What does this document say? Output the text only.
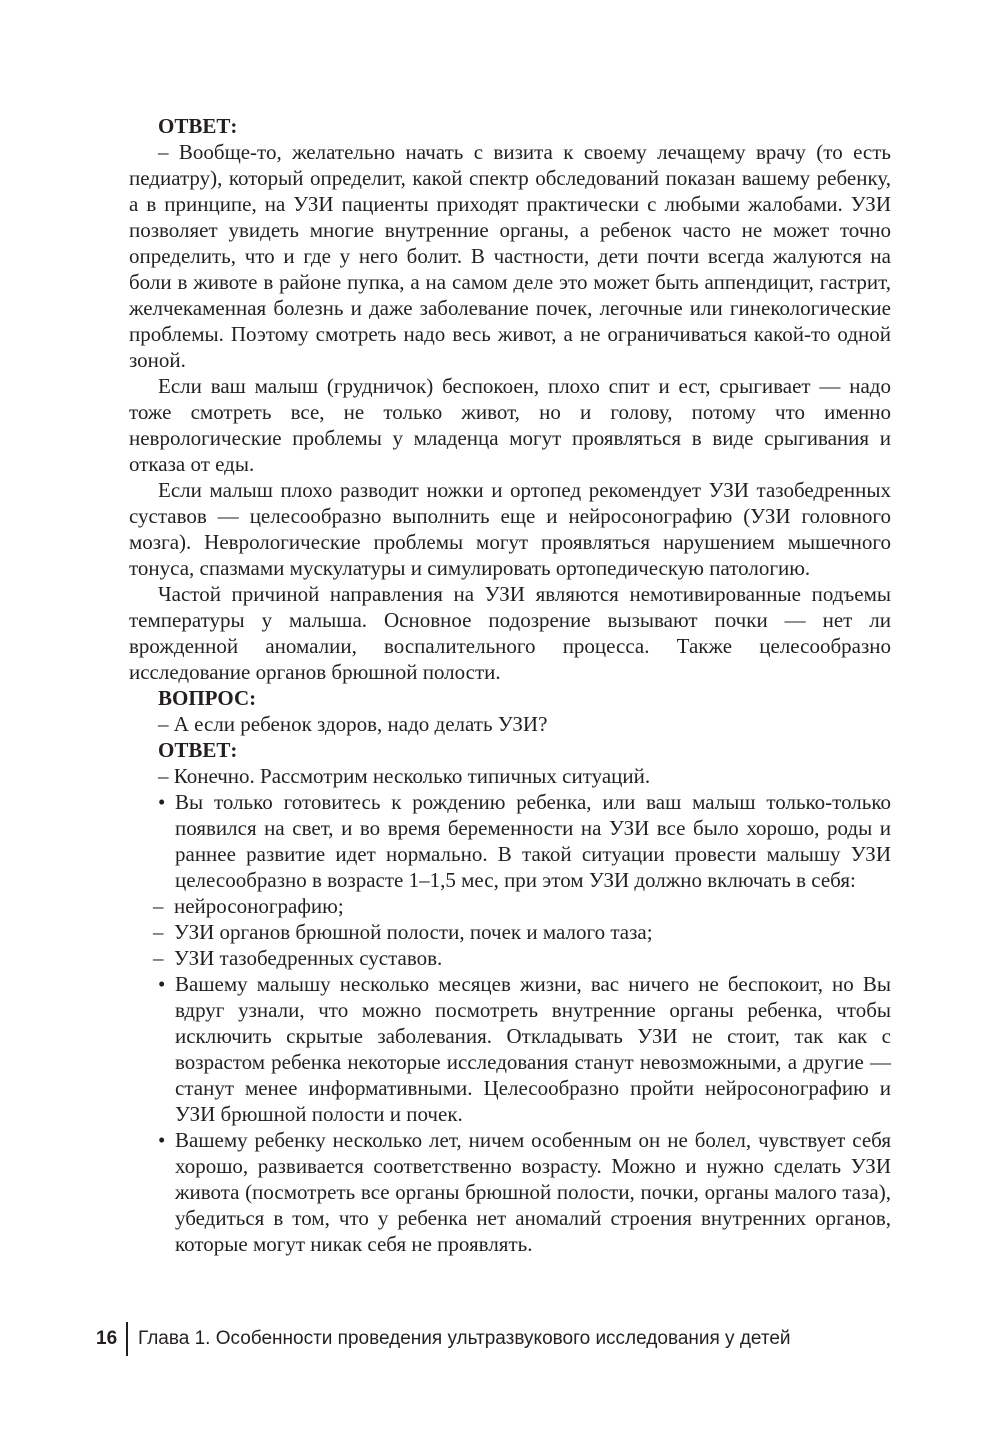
ОТВЕТ:
– Вообще-то, желательно начать с визита к своему лечащему врачу (то есть педиатру), который определит, какой спектр обследований показан вашему ребенку, а в принципе, на УЗИ пациенты приходят практически с любыми жалобами. УЗИ позволяет увидеть многие внутренние органы, а ребенок часто не может точно определить, что и где у него болит. В частности, дети почти всегда жалуются на боли в животе в районе пупка, а на самом деле это может быть аппендицит, гастрит, желчекаменная болезнь и даже заболевание почек, легочные или гинекологические проблемы. Поэтому смотреть надо весь живот, а не ограничиваться какой-то одной зоной.
Если ваш малыш (грудничок) беспокоен, плохо спит и ест, срыгивает — надо тоже смотреть все, не только живот, но и голову, потому что именно неврологические проблемы у младенца могут проявляться в виде срыгивания и отказа от еды.
Если малыш плохо разводит ножки и ортопед рекомендует УЗИ тазобедренных суставов — целесообразно выполнить еще и нейросонографию (УЗИ головного мозга). Неврологические проблемы могут проявляться нарушением мышечного тонуса, спазмами мускулатуры и симулировать ортопедическую патологию.
Частой причиной направления на УЗИ являются немотивированные подъемы температуры у малыша. Основное подозрение вызывают почки — нет ли врожденной аномалии, воспалительного процесса. Также целесообразно исследование органов брюшной полости.
ВОПРОС:
– А если ребенок здоров, надо делать УЗИ?
ОТВЕТ:
– Конечно. Рассмотрим несколько типичных ситуаций.
• Вы только готовитесь к рождению ребенка, или ваш малыш только-только появился на свет, и во время беременности на УЗИ все было хорошо, роды и раннее развитие идет нормально. В такой ситуации провести малышу УЗИ целесообразно в возрасте 1–1,5 мес, при этом УЗИ должно включать в себя:
– нейросонографию;
– УЗИ органов брюшной полости, почек и малого таза;
– УЗИ тазобедренных суставов.
• Вашему малышу несколько месяцев жизни, вас ничего не беспокоит, но Вы вдруг узнали, что можно посмотреть внутренние органы ребенка, чтобы исключить скрытые заболевания. Откладывать УЗИ не стоит, так как с возрастом ребенка некоторые исследования станут невозможными, а другие — станут менее информативными. Целесообразно пройти нейросонографию и УЗИ брюшной полости и почек.
• Вашему ребенку несколько лет, ничем особенным он не болел, чувствует себя хорошо, развивается соответственно возрасту. Можно и нужно сделать УЗИ живота (посмотреть все органы брюшной полости, почки, органы малого таза), убедиться в том, что у ребенка нет аномалий строения внутренних органов, которые могут никак себя не проявлять.
16 Глава 1. Особенности проведения ультразвукового исследования у детей
